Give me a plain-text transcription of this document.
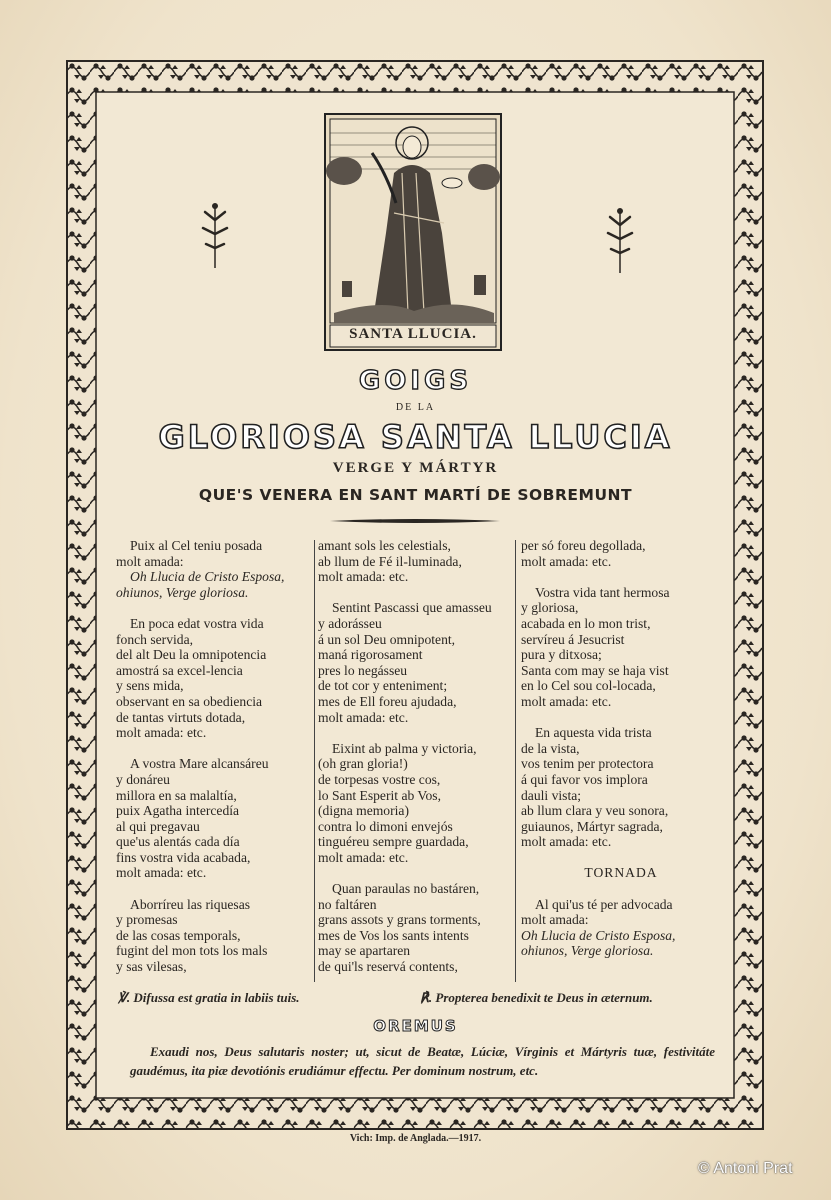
SANTA LLUCIA.
GOIGS
DE LA
GLORIOSA SANTA LLUCIA
VERGE Y MÁRTYR
QUE'S VENERA EN SANT MARTÍ DE SOBREMUNT
Puix al Cel teniu posada
molt amada:
Oh Llucia de Cristo Esposa,
ohiunos, Verge gloriosa.
En poca edat vostra vida
fonch servida,
del alt Deu la omnipotencia
amostrá sa excel-lencia
y sens mida,
observant en sa obediencia
de tantas virtuts dotada,
molt amada: etc.
A vostra Mare alcansáreu
y donáreu
millora en sa malaltía,
puix Agatha intercedía
al qui pregavau
que'us alentás cada día
fins vostra vida acabada,
molt amada: etc.
Aborríreu las riquesas
y promesas
de las cosas temporals,
fugint del mon tots los mals
y sas vilesas,
amant sols les celestials,
ab llum de Fé il-luminada,
molt amada: etc.
Sentint Pascassi que amasseu
y adorásseu
á un sol Deu omnipotent,
maná rigorosament
pres lo negásseu
de tot cor y enteniment;
mes de Ell foreu ajudada,
molt amada: etc.
Eixint ab palma y victoria,
(oh gran gloria!)
de torpesas vostre cos,
lo Sant Esperit ab Vos,
(digna memoria)
contra lo dimoni envejós
tinguéreu sempre guardada,
molt amada: etc.
Quan paraulas no bastáren,
no faltáren
grans assots y grans torments,
mes de Vos los sants intents
may se apartaren
de qui'ls reservá contents,
per só foreu degollada,
molt amada: etc.
Vostra vida tant hermosa
y gloriosa,
acabada en lo mon trist,
servíreu á Jesucrist
pura y ditxosa;
Santa com may se haja vist
en lo Cel sou col-locada,
molt amada: etc.
En aquesta vida trista
de la vista,
vos tenim per protectora
á qui favor vos implora
dauli vista;
ab llum clara y veu sonora,
guiaunos, Mártyr sagrada,
molt amada: etc.
TORNADA
Al qui'us té per advocada
molt amada:
Oh Llucia de Cristo Esposa,
ohiunos, Verge gloriosa.
℣. Difussa est gratia in labiis tuis.	℟. Propterea benedixit te Deus in æternum.
OREMUS
Exaudi nos, Deus salutaris noster; ut, sicut de Beatæ, Lúciæ, Vírginis et Mártyris tuæ, festivitáte gaudémus, ita piæ devotiónis erudiámur effectu. Per dominum nostrum, etc.
Vich: Imp. de Anglada.—1917.
© Antoni Prat
